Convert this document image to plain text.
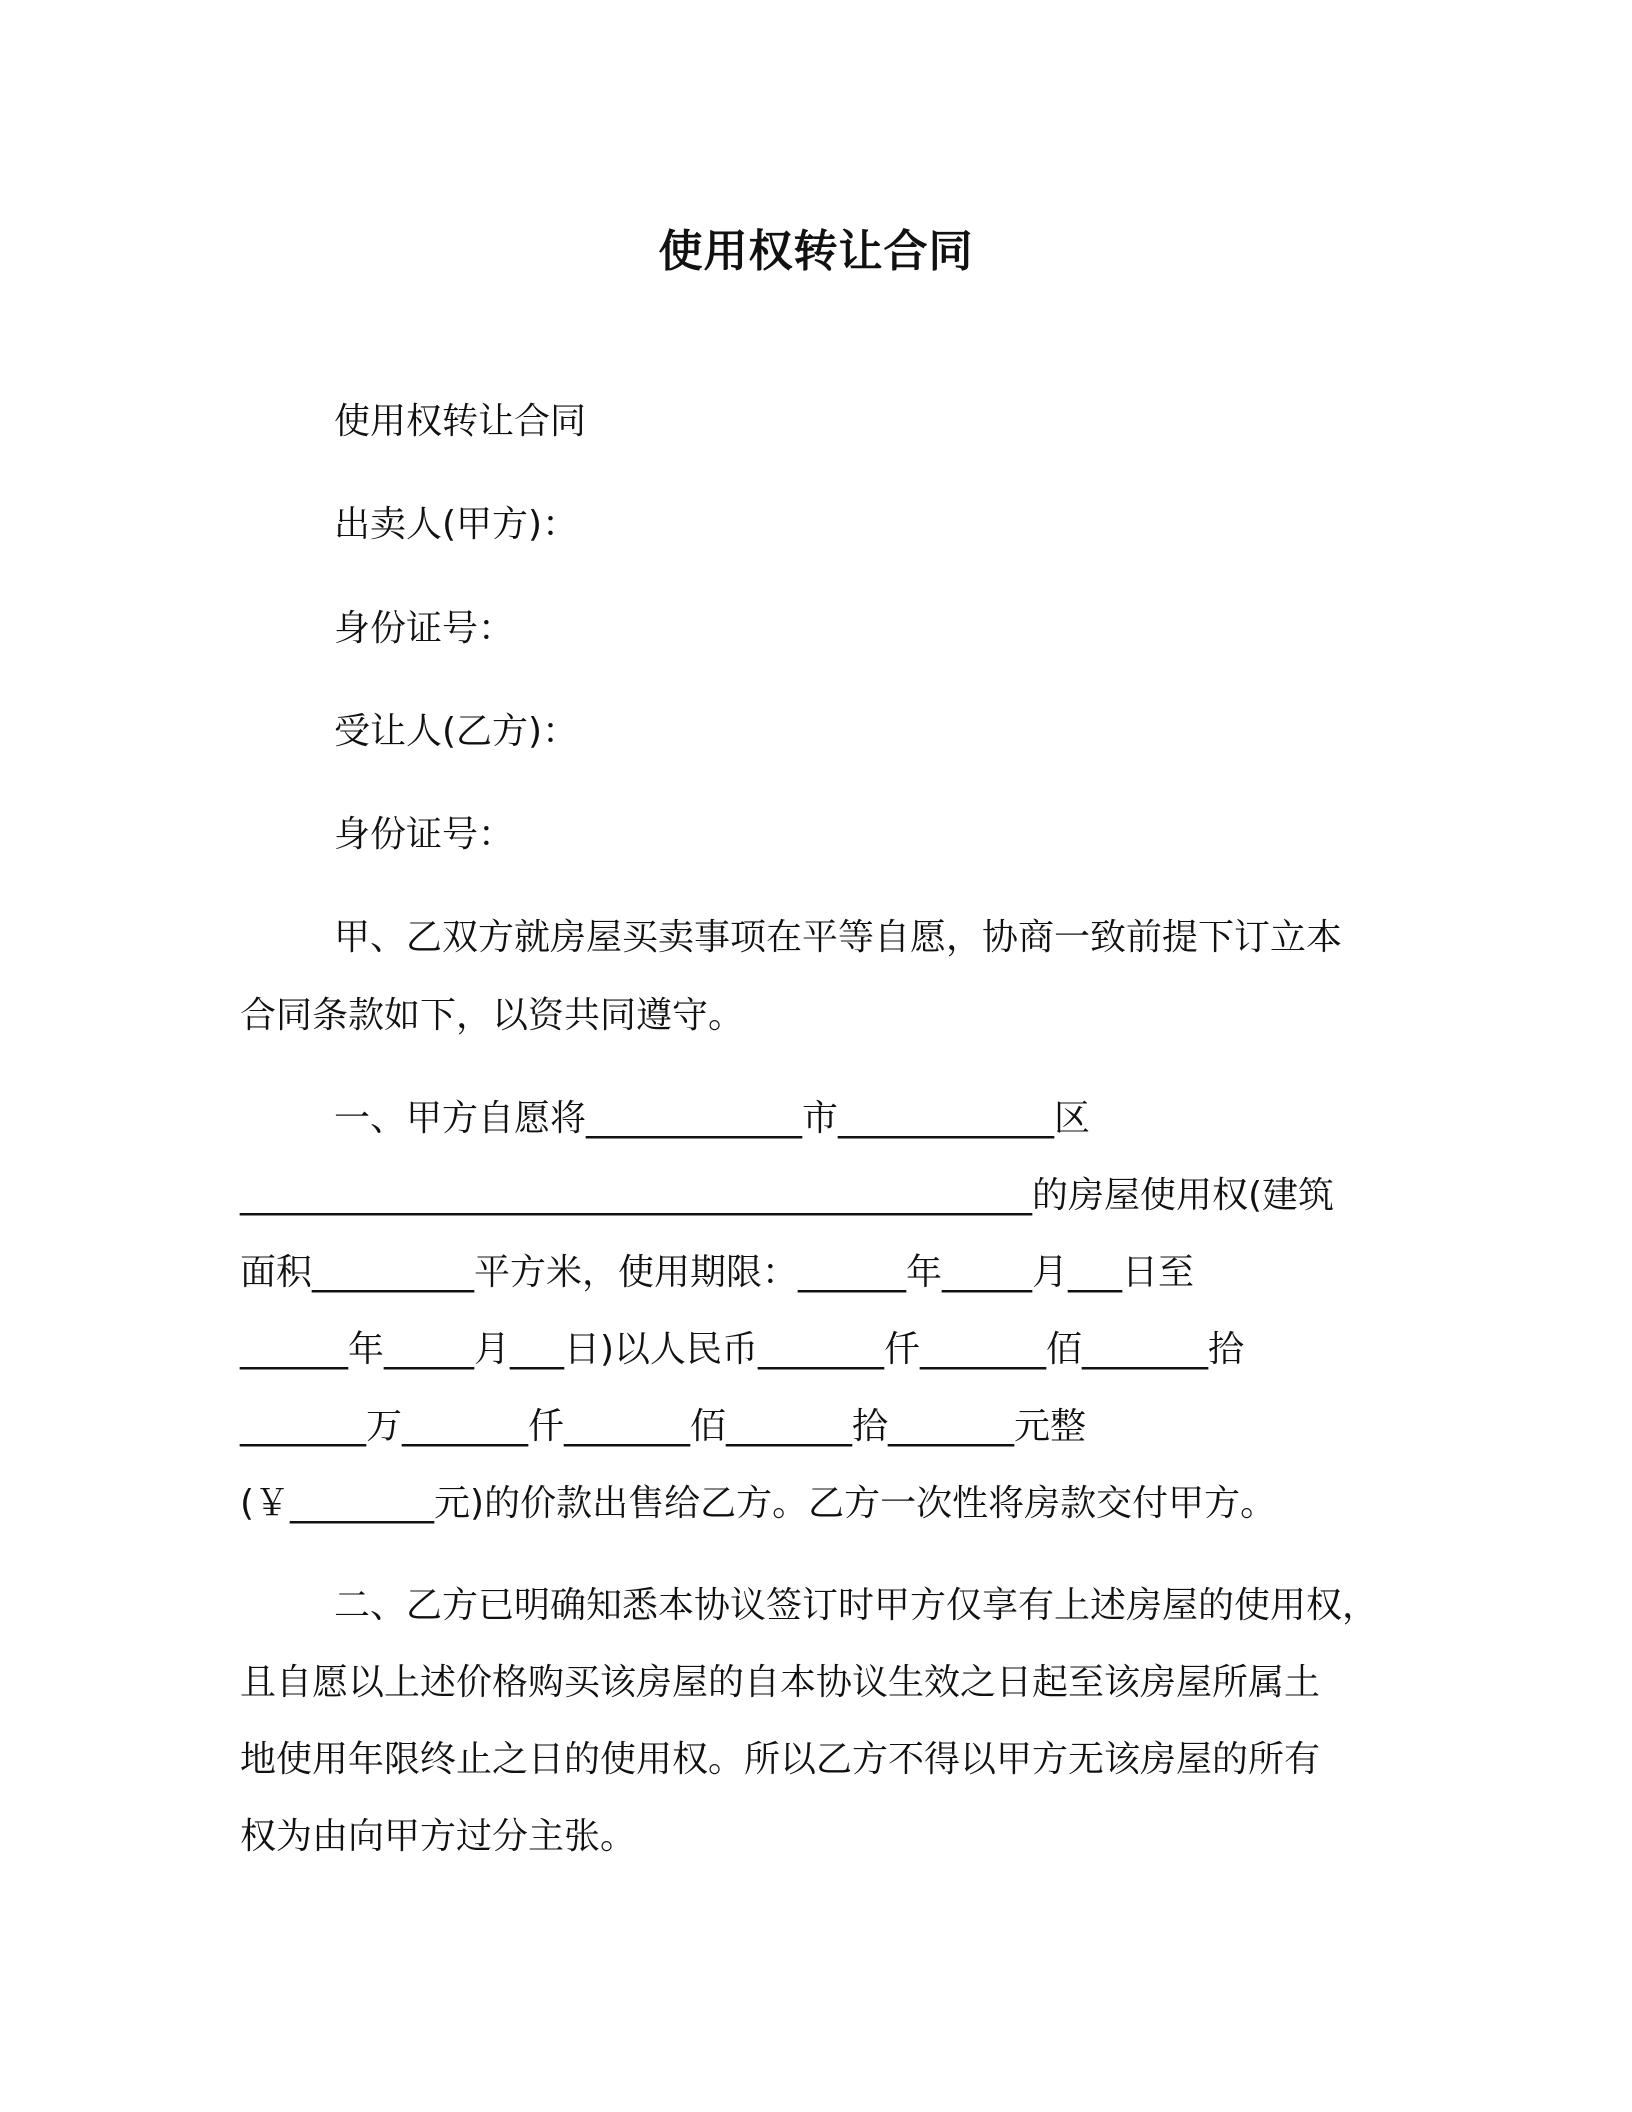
使用权转让合同
使用权转让合同
出卖人(甲方)：
身份证号：
受让人(乙方)：
身份证号：
甲、乙双方就房屋买卖事项在平等自愿，协商一致前提下订立本
合同条款如下，以资共同遵守。
一、甲方自愿将____________市____________区
____________________________________________的房屋使用权(建筑
面积_________平方米，使用期限：______年_____月___日至
______年_____月___日)以人民币_______仟_______佰_______拾
_______万_______仟_______佰_______拾_______元整
(￥________元)的价款出售给乙方。乙方一次性将房款交付甲方。
二、乙方已明确知悉本协议签订时甲方仅享有上述房屋的使用权，
且自愿以上述价格购买该房屋的自本协议生效之日起至该房屋所属土
地使用年限终止之日的使用权。所以乙方不得以甲方无该房屋的所有
权为由向甲方过分主张。
